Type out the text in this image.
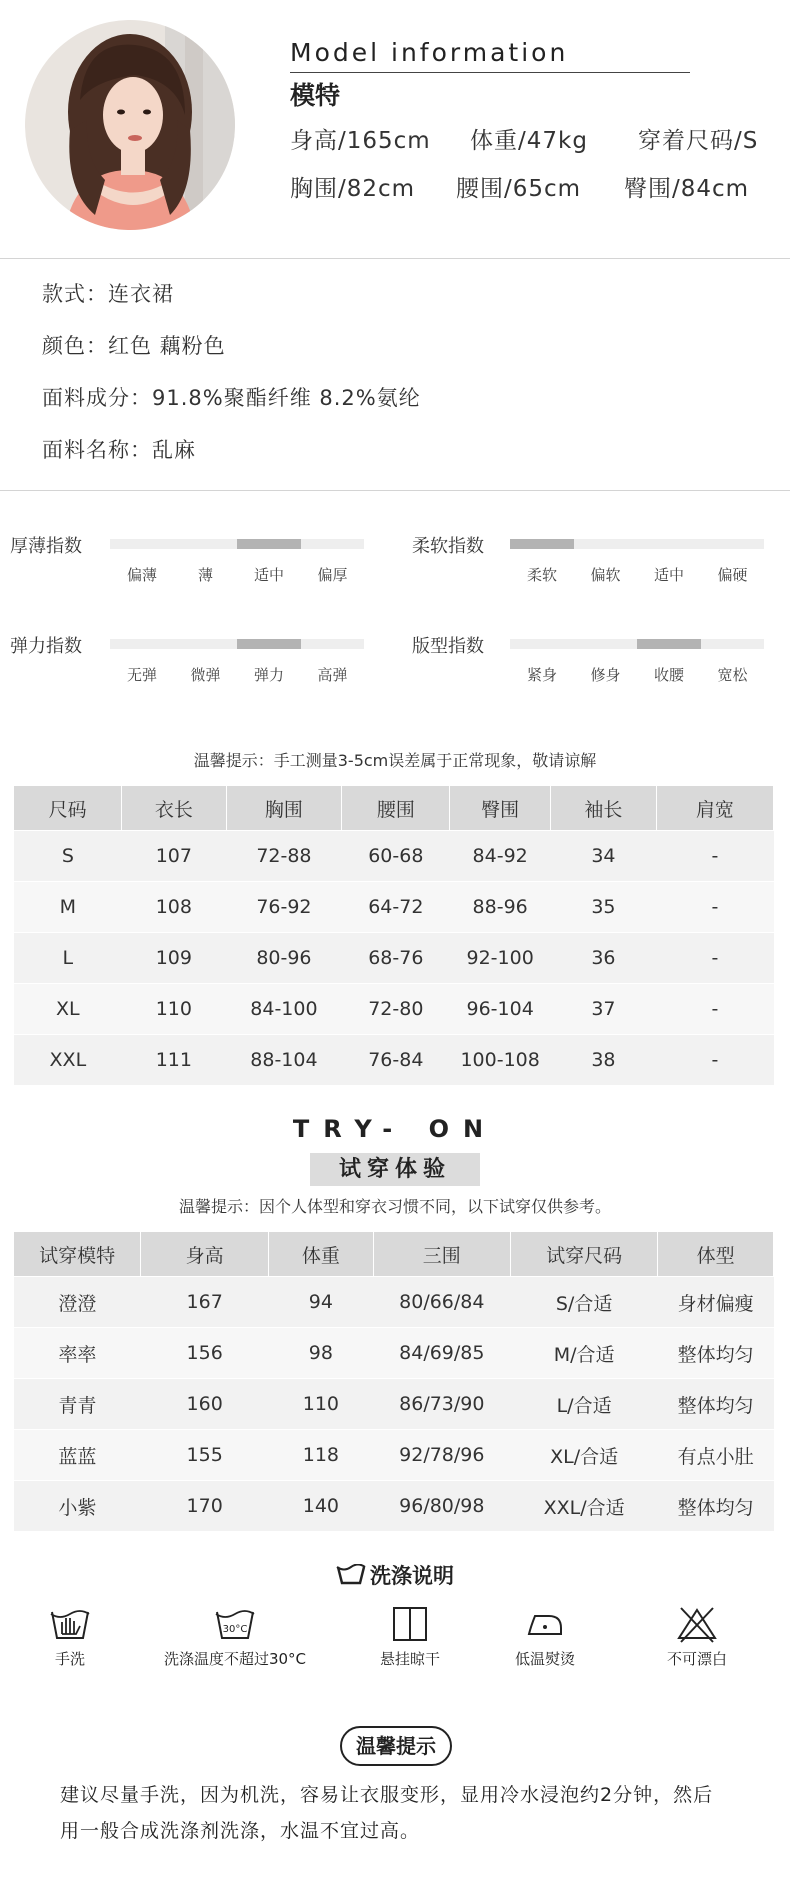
Model information
模特
身高/165cm 体重/47kg 穿着尺码/S
胸围/82cm 腰围/65cm 臀围/84cm
款式：连衣裙
颜色：红色 藕粉色
面料成分：91.8%聚酯纤维 8.2%氨纶
面料名称：乱麻
厚薄指数
偏薄	薄	适中	偏厚
柔软指数
柔软	偏软	适中	偏硬
弹力指数
无弹	微弹	弹力	高弹
版型指数
紧身	修身	收腰	宽松
温馨提示：手工测量3-5cm误差属于正常现象，敬请谅解
尺码	衣长	胸围	腰围	臀围	袖长	肩宽
S	107	72-88	60-68	84-92	34	-
M	108	76-92	64-72	88-96	35	-
L	109	80-96	68-76	92-100	36	-
XL	110	84-100	72-80	96-104	37	-
XXL	111	88-104	76-84	100-108	38	-
TRY- ON
试穿体验
温馨提示：因个人体型和穿衣习惯不同，以下试穿仅供参考。
试穿模特	身高	体重	三围	试穿尺码	体型
澄澄	167	94	80/66/84	S/合适	身材偏瘦
率率	156	98	84/69/85	M/合适	整体均匀
青青	160	110	86/73/90	L/合适	整体均匀
蓝蓝	155	118	92/78/96	XL/合适	有点小肚
小紫	170	140	96/80/98	XXL/合适	整体均匀
洗涤说明
手洗
30°C
洗涤温度不超过30°C	悬挂晾干	低温熨烫	不可漂白
温馨提示
建议尽量手洗，因为机洗，容易让衣服变形，显用冷水浸泡约2分钟，然后
用一般合成洗涤剂洗涤，水温不宜过高。
